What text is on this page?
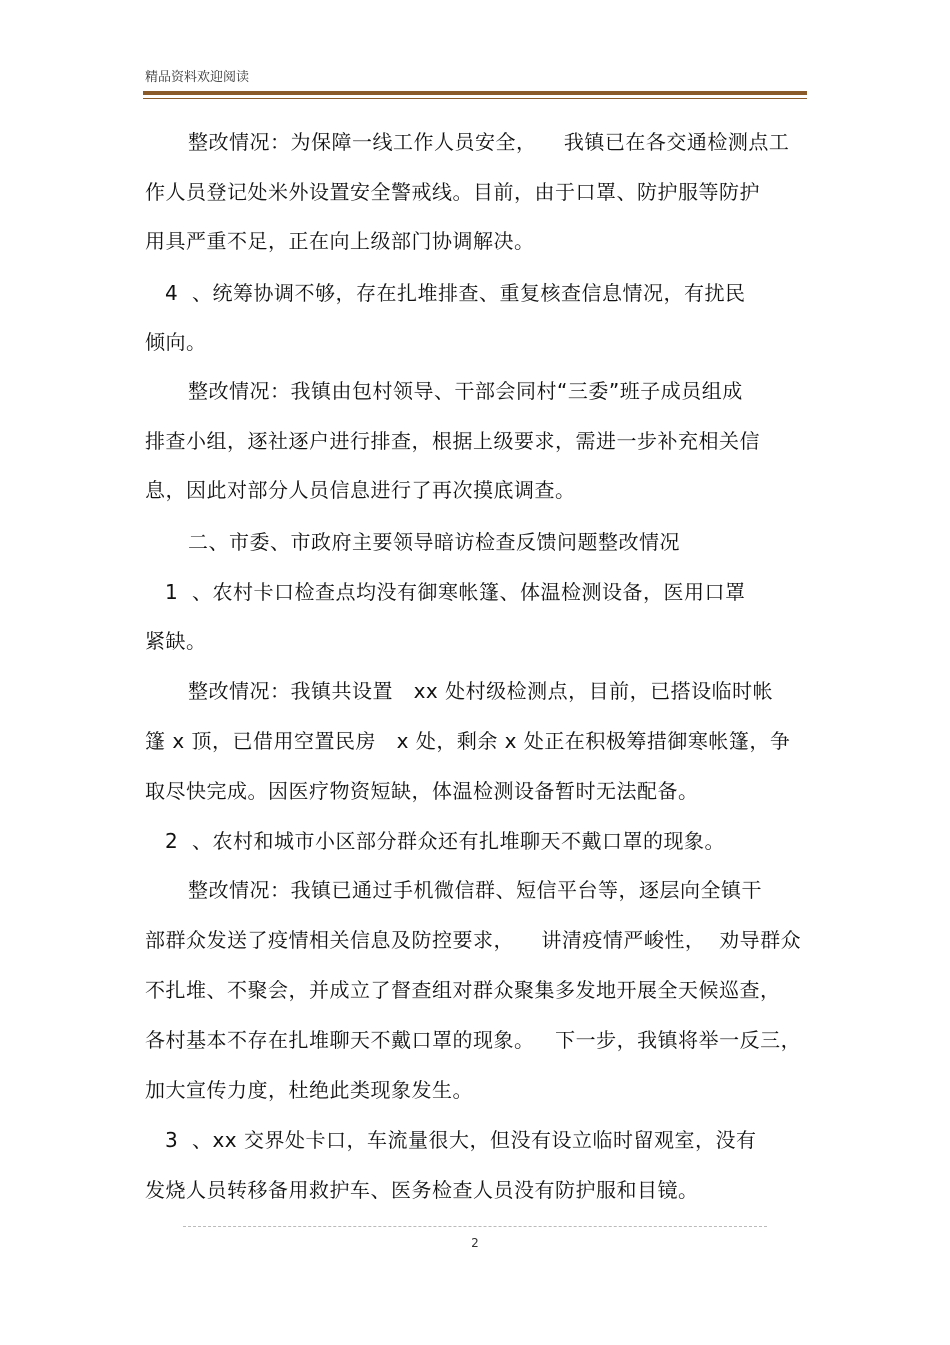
精品资料欢迎阅读
整改情况：为保障一线工作人员安全，    我镇已在各交通检测点工
作人员登记处米外设置安全警戒线。目前，由于口罩、防护服等防护
用具严重不足，正在向上级部门协调解决。
4  、统筹协调不够，存在扎堆排查、重复核查信息情况，有扰民
倾向。
整改情况：我镇由包村领导、干部会同村“三委”班子成员组成
排查小组，逐社逐户进行排查，根据上级要求，需进一步补充相关信
息，因此对部分人员信息进行了再次摸底调查。
二、市委、市政府主要领导暗访检查反馈问题整改情况
1  、农村卡口检查点均没有御寒帐篷、体温检测设备，医用口罩
紧缺。
整改情况：我镇共设置   xx 处村级检测点，目前，已搭设临时帐
篷 x 顶，已借用空置民房   x 处，剩余 x 处正在积极筹措御寒帐篷，争
取尽快完成。因医疗物资短缺，体温检测设备暂时无法配备。
2  、农村和城市小区部分群众还有扎堆聊天不戴口罩的现象。
整改情况：我镇已通过手机微信群、短信平台等，逐层向全镇干
部群众发送了疫情相关信息及防控要求，    讲清疫情严峻性，  劝导群众
不扎堆、不聚会，并成立了督查组对群众聚集多发地开展全天候巡查，
各村基本不存在扎堆聊天不戴口罩的现象。   下一步，我镇将举一反三，
加大宣传力度，杜绝此类现象发生。
3  、xx 交界处卡口，车流量很大，但没有设立临时留观室，没有
发烧人员转移备用救护车、医务检查人员没有防护服和目镜。
2
